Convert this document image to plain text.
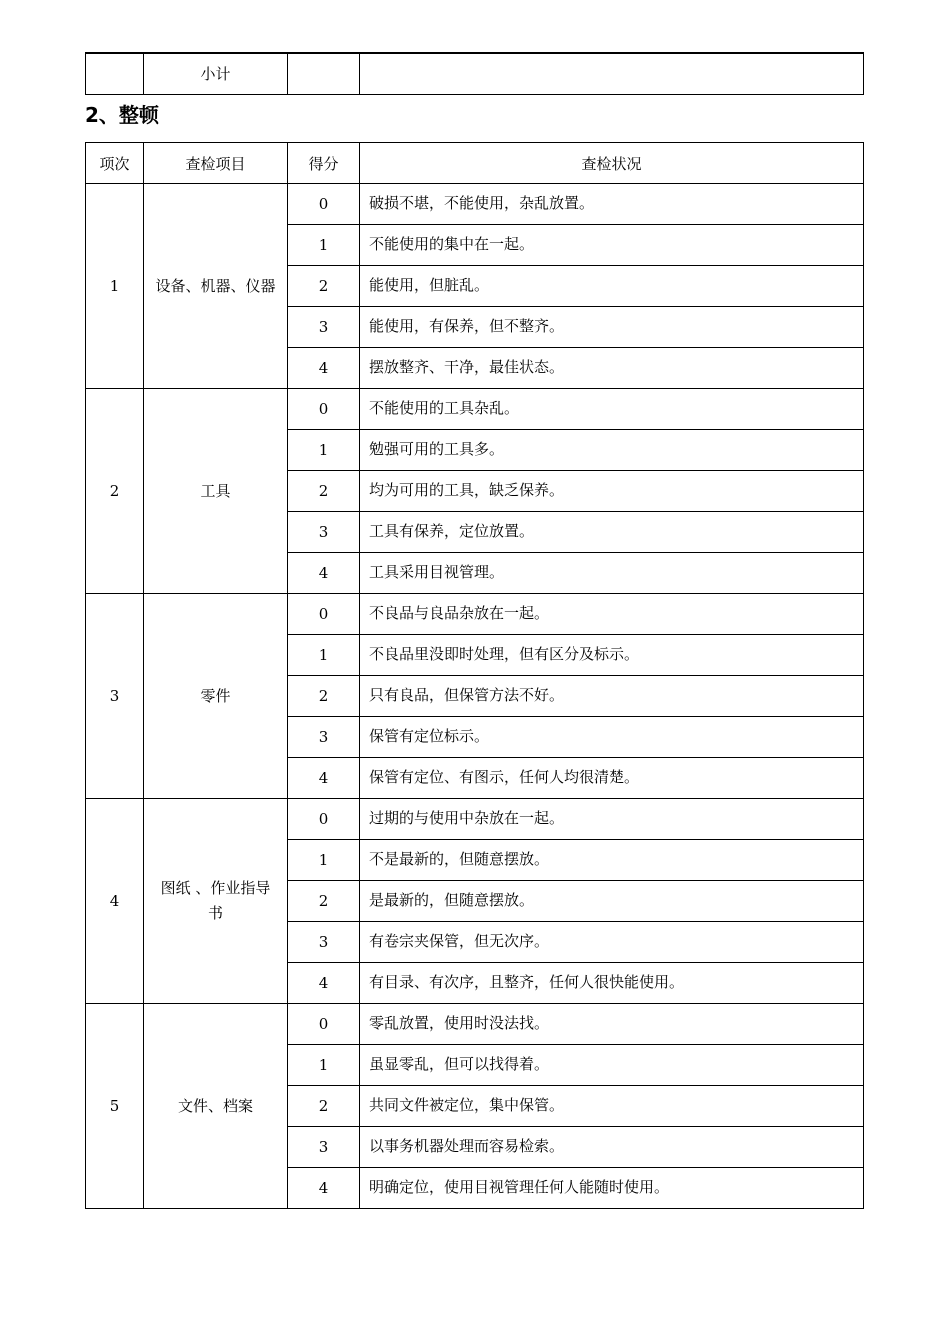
	小计		
2、整顿
项次	查检项目	得分	查检状况
1	设备、机器、仪器	0	破损不堪，不能使用，杂乱放置。
		1	不能使用的集中在一起。
		2	能使用，但脏乱。
		3	能使用，有保养，但不整齐。
		4	摆放整齐、干净，最佳状态。
2	工具	0	不能使用的工具杂乱。
		1	勉强可用的工具多。
		2	均为可用的工具，缺乏保养。
		3	工具有保养，定位放置。
		4	工具采用目视管理。
3	零件	0	不良品与良品杂放在一起。
		1	不良品里没即时处理，但有区分及标示。
		2	只有良品，但保管方法不好。
		3	保管有定位标示。
		4	保管有定位、有图示，任何人均很清楚。
4	图纸 、作业指导书	0	过期的与使用中杂放在一起。
		1	不是最新的，但随意摆放。
		2	是最新的，但随意摆放。
		3	有卷宗夹保管，但无次序。
		4	有目录、有次序，且整齐，任何人很快能使用。
5	文件、档案	0	零乱放置，使用时没法找。
		1	虽显零乱，但可以找得着。
		2	共同文件被定位，集中保管。
		3	以事务机器处理而容易检索。
		4	明确定位，使用目视管理任何人能随时使用。
